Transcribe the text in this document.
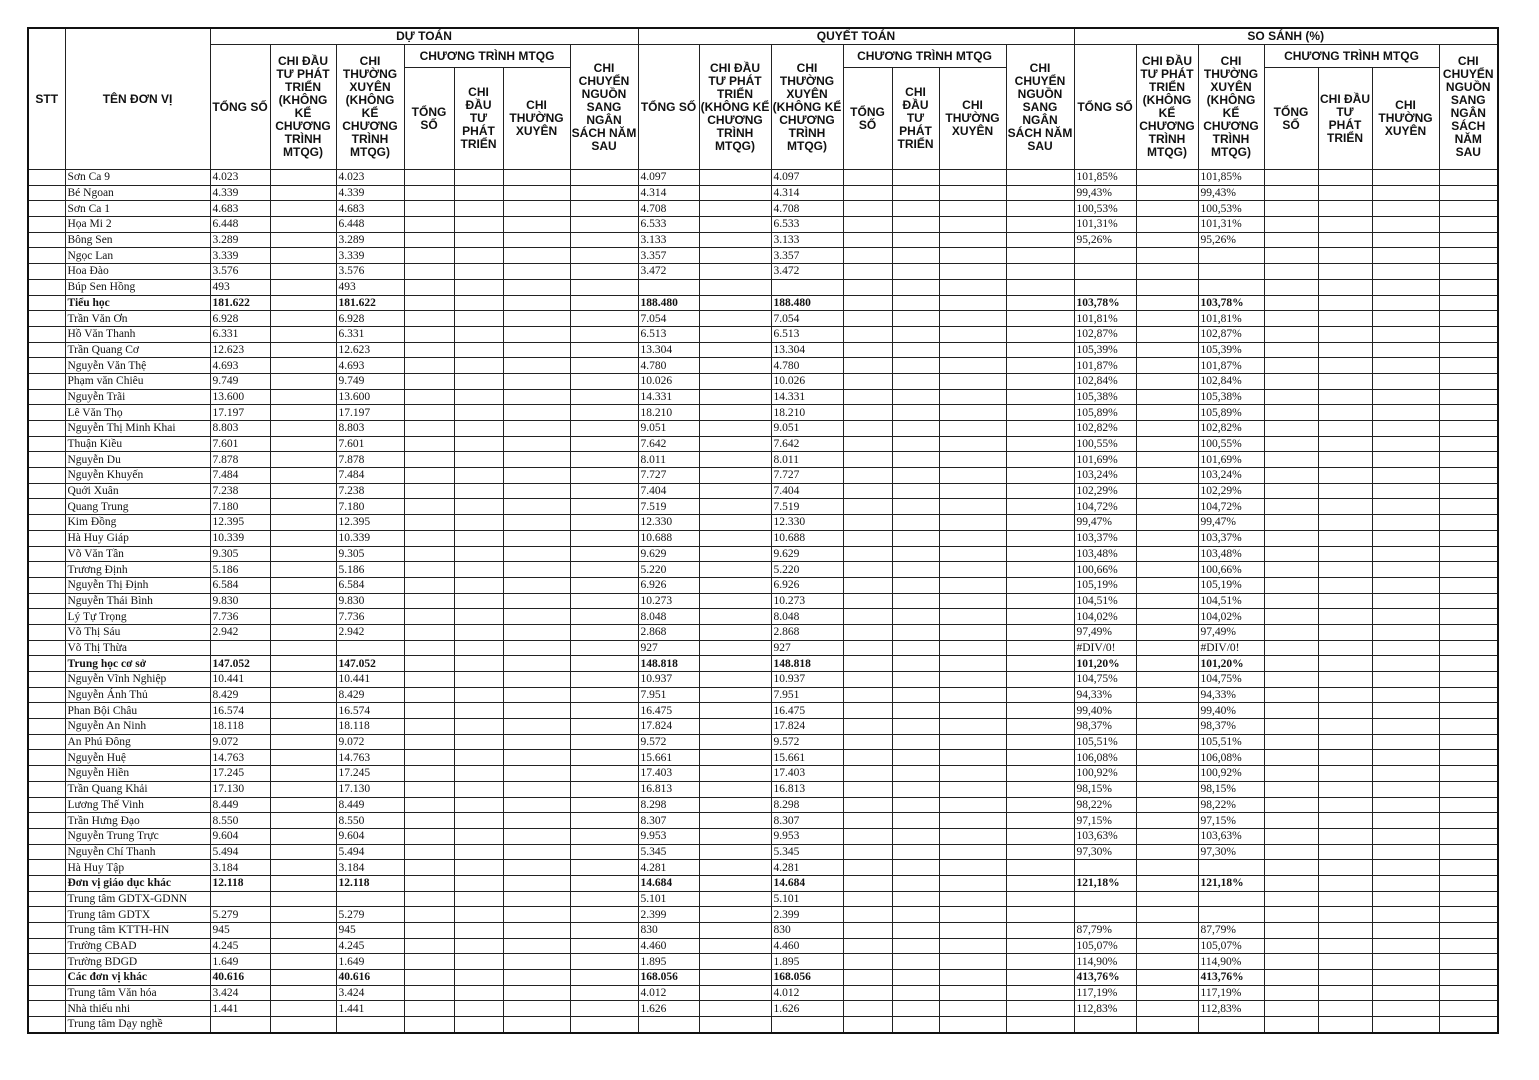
STT	TÊN ĐƠN VỊ	DỰ TOÁN							QUYẾT TOÁN							SO SÁNH (%)						
		TỔNG SỐ	CHI ĐẦU TƯ PHÁT TRIỂN (KHÔNG KỂ CHƯƠNG TRÌNH MTQG)	CHI THƯỜNG XUYÊN (KHÔNG KỂ CHƯƠNG TRÌNH MTQG)	CHƯƠNG TRÌNH MTQG			CHI CHUYỂN NGUỒN SANG NGÂN SÁCH NĂM SAU	TỔNG SỐ	CHI ĐẦU TƯ PHÁT TRIỂN (KHÔNG KỂ CHƯƠNG TRÌNH MTQG)	CHI THƯỜNG XUYÊN (KHÔNG KỂ CHƯƠNG TRÌNH MTQG)	CHƯƠNG TRÌNH MTQG			CHI CHUYỂN NGUỒN SANG NGÂN SÁCH NĂM SAU	TỔNG SỐ	CHI ĐẦU TƯ PHÁT TRIỂN (KHÔNG KỂ CHƯƠNG TRÌNH MTQG)	CHI THƯỜNG XUYÊN (KHÔNG KỂ CHƯƠNG TRÌNH MTQG)	CHƯƠNG TRÌNH MTQG			CHI CHUYỂN NGUỒN SANG NGÂN SÁCH NĂM SAU
					TỔNG SỐ	CHI ĐẦU TƯ PHÁT TRIỂN	CHI THƯỜNG XUYÊN					TỔNG SỐ	CHI ĐẦU TƯ PHÁT TRIỂN	CHI THƯỜNG XUYÊN					TỔNG SỐ	CHI ĐẦU TƯ PHÁT TRIỂN	CHI THƯỜNG XUYÊN	
	Sơn Ca 9	4.023		4.023					4.097		4.097					101,85%		101,85%				
	Bé Ngoan	4.339		4.339					4.314		4.314					99,43%		99,43%				
	Sơn Ca 1	4.683		4.683					4.708		4.708					100,53%		100,53%				
	Họa Mi 2	6.448		6.448					6.533		6.533					101,31%		101,31%				
	Bông Sen	3.289		3.289					3.133		3.133					95,26%		95,26%				
	Ngọc Lan	3.339		3.339					3.357		3.357											
	Hoa Đào	3.576		3.576					3.472		3.472											
	Búp Sen Hồng	493		493																		
	Tiểu học	181.622		181.622					188.480		188.480					103,78%		103,78%				
	Trần Văn Ơn	6.928		6.928					7.054		7.054					101,81%		101,81%				
	Hồ Văn Thanh	6.331		6.331					6.513		6.513					102,87%		102,87%				
	Trần Quang Cơ	12.623		12.623					13.304		13.304					105,39%		105,39%				
	Nguyễn Văn Thệ	4.693		4.693					4.780		4.780					101,87%		101,87%				
	Phạm văn Chiêu	9.749		9.749					10.026		10.026					102,84%		102,84%				
	Nguyễn Trãi	13.600		13.600					14.331		14.331					105,38%		105,38%				
	Lê Văn Thọ	17.197		17.197					18.210		18.210					105,89%		105,89%				
	Nguyễn Thị Minh Khai	8.803		8.803					9.051		9.051					102,82%		102,82%				
	Thuận Kiều	7.601		7.601					7.642		7.642					100,55%		100,55%				
	Nguyễn Du	7.878		7.878					8.011		8.011					101,69%		101,69%				
	Nguyễn Khuyến	7.484		7.484					7.727		7.727					103,24%		103,24%				
	Quới Xuân	7.238		7.238					7.404		7.404					102,29%		102,29%				
	Quang Trung	7.180		7.180					7.519		7.519					104,72%		104,72%				
	Kim Đồng	12.395		12.395					12.330		12.330					99,47%		99,47%				
	Hà Huy Giáp	10.339		10.339					10.688		10.688					103,37%		103,37%				
	Võ Văn Tần	9.305		9.305					9.629		9.629					103,48%		103,48%				
	Trương Định	5.186		5.186					5.220		5.220					100,66%		100,66%				
	Nguyễn Thị Định	6.584		6.584					6.926		6.926					105,19%		105,19%				
	Nguyễn Thái Bình	9.830		9.830					10.273		10.273					104,51%		104,51%				
	Lý Tự Trọng	7.736		7.736					8.048		8.048					104,02%		104,02%				
	Võ Thị Sáu	2.942		2.942					2.868		2.868					97,49%		97,49%				
	Võ Thị Thừa								927		927					#DIV/0!		#DIV/0!				
	Trung học cơ sở	147.052		147.052					148.818		148.818					101,20%		101,20%				
	Nguyễn Vĩnh Nghiệp	10.441		10.441					10.937		10.937					104,75%		104,75%				
	Nguyễn Ánh Thủ	8.429		8.429					7.951		7.951					94,33%		94,33%				
	Phan Bội Châu	16.574		16.574					16.475		16.475					99,40%		99,40%				
	Nguyễn An Ninh	18.118		18.118					17.824		17.824					98,37%		98,37%				
	An Phú Đông	9.072		9.072					9.572		9.572					105,51%		105,51%				
	Nguyễn Huệ	14.763		14.763					15.661		15.661					106,08%		106,08%				
	Nguyễn Hiền	17.245		17.245					17.403		17.403					100,92%		100,92%				
	Trần Quang Khải	17.130		17.130					16.813		16.813					98,15%		98,15%				
	Lương Thế Vinh	8.449		8.449					8.298		8.298					98,22%		98,22%				
	Trần Hưng Đạo	8.550		8.550					8.307		8.307					97,15%		97,15%				
	Nguyễn Trung Trực	9.604		9.604					9.953		9.953					103,63%		103,63%				
	Nguyễn Chí Thanh	5.494		5.494					5.345		5.345					97,30%		97,30%				
	Hà Huy Tập	3.184		3.184					4.281		4.281											
	Đơn vị giáo dục khác	12.118		12.118					14.684		14.684					121,18%		121,18%				
	Trung tâm GDTX-GDNN								5.101		5.101											
	Trung tâm GDTX	5.279		5.279					2.399		2.399											
	Trung tâm KTTH-HN	945		945					830		830					87,79%		87,79%				
	Trường CBAD	4.245		4.245					4.460		4.460					105,07%		105,07%				
	Trường BDGD	1.649		1.649					1.895		1.895					114,90%		114,90%				
	Các đơn vị khác	40.616		40.616					168.056		168.056					413,76%		413,76%				
	Trung tâm Văn hóa	3.424		3.424					4.012		4.012					117,19%		117,19%				
	Nhà thiếu nhi	1.441		1.441					1.626		1.626					112,83%		112,83%				
	Trung tâm Dạy nghề																					
